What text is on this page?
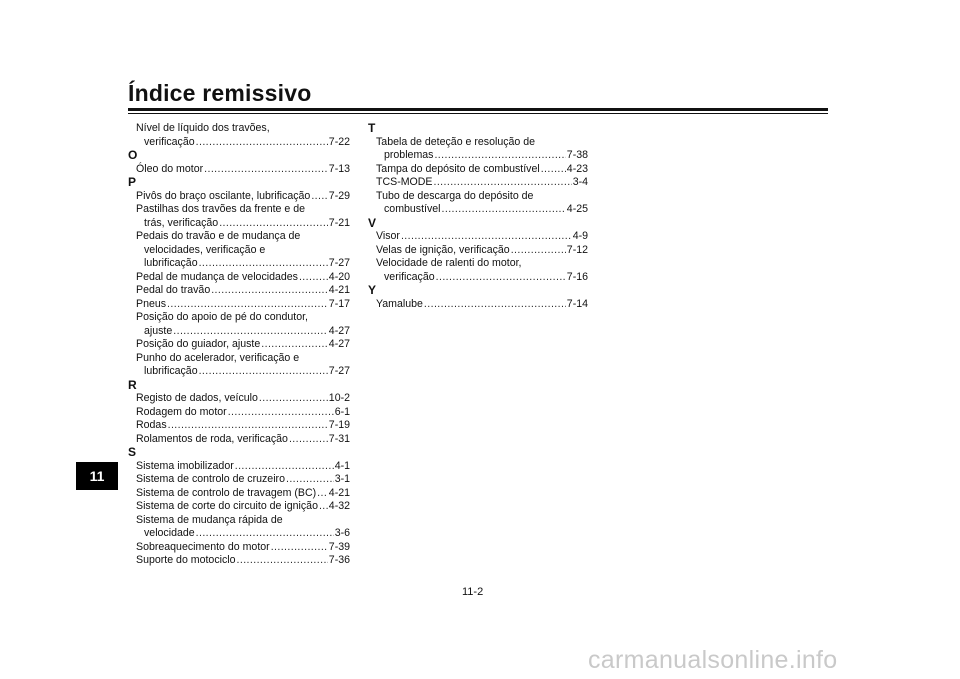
Índice remissivo
Nível de líquido dos travões,
verificação .....	7-22
O
Óleo do motor .....	7-13
P
Pivôs do braço oscilante, lubrificação ..... 7-29
Pastilhas dos travões da frente e de
trás, verificação .....	7-21
Pedais do travão e de mudança de
velocidades, verificação e
lubrificação .....	7-27
Pedal de mudança de velocidades .....	4-20
Pedal do travão .....	4-21
Pneus .....	7-17
Posição do apoio de pé do condutor,
ajuste .....	4-27
Posição do guiador, ajuste .....	4-27
Punho do acelerador, verificação e
lubrificação .....	7-27
R
Registo de dados, veículo .....	10-2
Rodagem do motor .....	6-1
Rodas .....	7-19
Rolamentos de roda, verificação .....	7-31
S
Sistema imobilizador .....	4-1
Sistema de controlo de cruzeiro .....	3-1
Sistema de controlo de travagem (BC) ..... 4-21
Sistema de corte do circuito de ignição ..... 4-32
Sistema de mudança rápida de
velocidade .....	3-6
Sobreaquecimento do motor .....	7-39
Suporte do motociclo .....	7-36
T
Tabela de deteção e resolução de
problemas .....	7-38
Tampa do depósito de combustível .....	4-23
TCS-MODE .....	3-4
Tubo de descarga do depósito de
combustível .....	4-25
V
Visor .....	4-9
Velas de ignição, verificação .....	7-12
Velocidade de ralenti do motor,
verificação .....	7-16
Y
Yamalube .....	7-14
11
11-2
carmanualsonline.info
